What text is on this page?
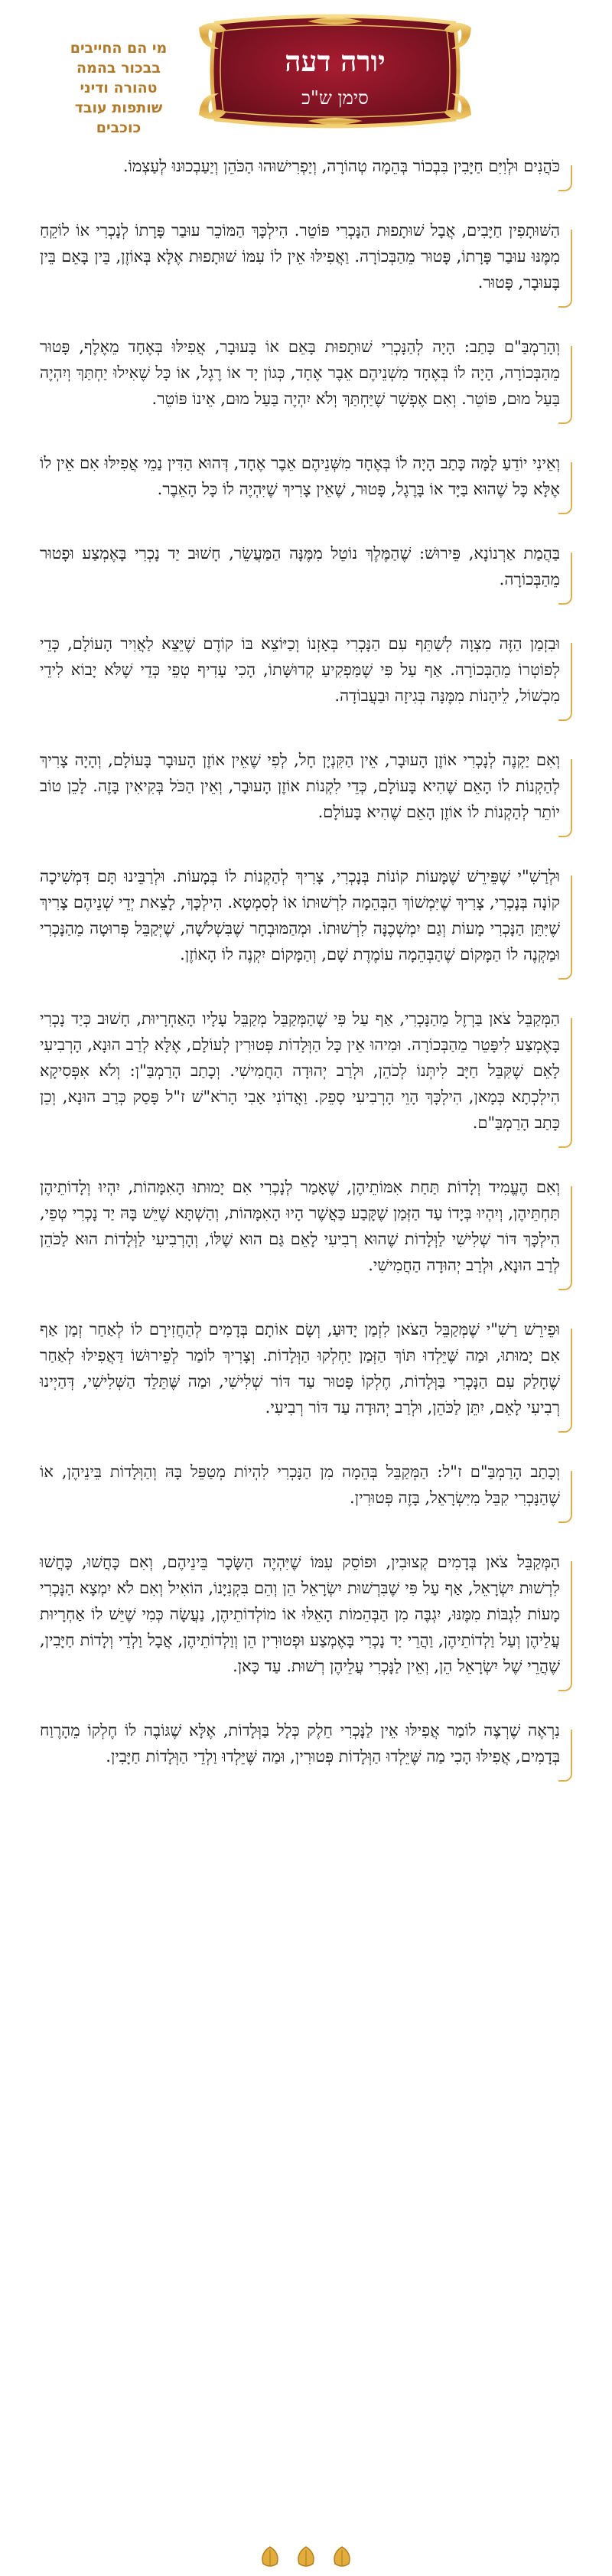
מי הם החייבים
בבכור בהמה
טהורה ודיני
שותפות עובד
כוכבים
יורה דעה
סימן ש"כ

כֹּהֲנִים וּלְוִיִּם חַיָּבִין בִּבְכוֹר בְּהֵמָה טְהוֹרָה, וְיַפְרִישׁוּהוּ הַכֹּהֵן וְיַעַבְכוּנוּ לְעַצְמוֹ.

הַשּׁוּתָפִין חַיָּבִים, אֲבָל שׁוּתָפוּת הַנָּכְרִי פּוֹטֵר. הִילְכָּךְ הַמּוֹכֵר עוּבַר פָּרָתוֹ לְנָכְרִי אוֹ לוֹקֵחַ מִמֶּנּוּ עוּבַר פָּרָתוֹ, פָּטוּר מֵהַבְּכוֹרָה. וַאֲפִילּוּ אֵין לוֹ עִמּוֹ שׁוּתָפוּת אֶלָּא בְּאוֹזֶן, בֵּין בָּאֵם בֵּין בָּעוּבָר, פָּטוּר.

וְהָרַמְבַּ"ם כָּתַב: הָיָה לְהַנָּכְרִי שׁוּתָפוּת בָּאֵם אוֹ בָּעוּבָר, אֲפִילּוּ בְּאֶחָד מֵאֶלֶף, פָּטוּר מֵהַבְּכוֹרָה, הָיָה לוֹ בְּאֶחָד מִשְׁנֵיהֶם אֵבֶר אֶחָד, כְּגוֹן יָד אוֹ רֶגֶל, אוֹ כָּל שֶׁאִילוּ יַחְתַּךְ וְיִהְיֶה בַּעַל מוּם, פּוֹטֵר. וְאִם אֶפְשָׁר שֶׁיַּחְתַּךְ וְלֹא יִהְיֶה בַּעַל מוּם, אֵינוֹ פּוֹטֵר.

וְאֵינִי יוֹדֵעַ לָמָּה כָּתַב הָיָה לוֹ בְּאֶחָד מִשְּׁנֵיהֶם אֵבֶר אֶחָד, דְּהוּא הַדִּין נַמֵי אֲפִילּוּ אִם אֵין לוֹ אֶלָּא כָּל שֶׁהוּא בַּיָּד אוֹ בָּרֶגֶל, פָּטוּר, שֶׁאֵין צָרִיךְ שֶׁיִּהְיֶה לוֹ כָּל הָאֵבֶר.

בַּהֲמַת אַרְנוֹנָא, פֵּירוּשׁ: שֶׁהַמֶּלֶךְ נוֹטֵל מִמֶּנָּה הַמַּעֲשֵׂר, חָשׁוּב יַד נָכְרִי בָּאֶמְצַע וּפָטוּר מֵהַבְּכוֹרָה.

וּבִזְמַן הַזֶּה מִצְוָה לְשַׁתֵּף עִם הַנָּכְרִי בְּאָזְנוֹ וְכַיּוֹצֵא בּוֹ קוֹדֶם שֶׁיֵּצֵא לַאֲוִיר הָעוֹלָם, כְּדֵי לְפוֹטְרוֹ מֵהַבְּכוֹרָה. אַף עַל פִּי שֶׁמַּפְקִיעַ קְדוּשָּׁתוֹ, הָכִי עָדִיף טְפֵי כְּדֵי שֶׁלֹּא יָבוֹא לִידֵי מִכְשׁוֹל, לֵיהָנוֹת מִמֶּנָּה בְּגִיזָה וּבַעֲבוֹדָה.

וְאִם יַקְנֶה לְנָכְרִי אוֹזֶן הָעוּבָר, אֵין הַקִּנְיָן חָל, לְפִי שֶׁאֵין אוֹזֶן הָעוּבָר בָּעוֹלָם, וְהָיָה צָרִיךְ לְהַקְנוֹת לוֹ הָאֵם שֶׁהִיא בָּעוֹלָם, כְּדֵי לִקְנוֹת אוֹזֶן הָעוּבָר, וְאֵין הַכֹּל בְּקִיאִין בָּזֶה. לָכֵן טוֹב יוֹתֵר לְהַקְנוֹת לוֹ אוֹזֶן הָאֵם שֶׁהִיא בָּעוֹלָם.

וּלְרַשִׁ"י שֶׁפֵּירֵשׁ שֶׁמָּעוֹת קוֹנוֹת בְּנָכְרִי, צָרִיךְ לְהַקְנוֹת לוֹ בְּמָעוֹת. וּלְרַבֵּינוּ תָּם דִּמְשִׁיכָה קוֹנָה בְּנָכְרִי, צָרִיךְ שֶׁיִּמְשׁוֹךְ הַבְּהֵמָה לִרְשׁוּתוֹ אוֹ לְסִמְטָא. הִילְכָּךְ, לָצֵאת יְדֵי שְׁנֵיהֶם צָרִיךְ שֶׁיִּתֵּן הַנָּכְרִי מָעוֹת וְגַם יִמְשְׁכֶנָּה לִרְשׁוּתוֹ. וּמְהַמּוּבְחָר שֶׁבִּשְׁלֹשָׁה, שֶׁיְּקַבֵּל פְּרוּטָה מֵהַנָּכְרִי וּמַקְנֶה לוֹ הַמָּקוֹם שֶׁהַבְּהֵמָה עוֹמֶדֶת שָׁם, וְהַמָּקוֹם יִקְנֶה לוֹ הָאוֹזֶן.

הַמְּקַבֵּל צֹאן בַּרְזֶל מֵהַנָּכְרִי, אַף עַל פִּי שֶׁהַמְּקַבֵּל מְקַבֵּל עָלָיו הָאַחְרָיוּת, חָשׁוּב כְּיַד נָכְרִי בָּאֶמְצַע לִיפָּטֵר מֵהַבְּכוֹרָה. וּמִיהוּ אֵין כָּל הַוְּלָדוֹת פְּטוּרִין לְעוֹלָם, אֶלָּא לְרַב הוּנָא, הָרְבִיעִי לָאֵם שֶׁקִּבֵּל חַיָּב לִיתְּנוֹ לְכֹהֵן, וּלְרַב יְהוּדָה הַחֲמִישִׁי. וְכָתַב הָרַמְבַּ"ן: וְלֹא אִפְּסִיקָא הִילְכְתָא כְּמָאן, הִילְכָּךְ הָוֵי הָרְבִיעִי סָפֵק. וַאֲדוֹנִי אָבִי הָרֹא"שׁ ז"ל פָּסַק כְּרַב הוּנָא, וְכֵן כָּתַב הָרַמְבַּ"ם.

וְאִם הֶעֱמִיד וְלָדוֹת תַּחַת אִמּוֹתֵיהֶן, שֶׁאָמַר לְנָכְרִי אִם יָמוּתוּ הָאִמָּהוֹת, יִהְיוּ וְלָדוֹתֵיהֶן תַּחְתֵּיהֶן, וְיִהְיוּ בְּיָדוֹ עַד הַזְּמַן שֶׁקָּבַע כַּאֲשֶׁר הָיוּ הָאִמָּהוֹת, וְהַשְׁתָּא שֶׁיֵּשׁ בָּהּ יַד נָכְרִי טְפֵי, הִילְכָּךְ דּוֹר שְׁלִישִׁי לַוְּלָדוֹת שֶׁהוּא רְבִיעִי לָאֵם גַּם הוּא שֶׁלּוֹ, וְהָרְבִיעִי לַוְּלָדוֹת הוּא לַכֹּהֵן לְרַב הוּנָא, וּלְרַב יְהוּדָה הַחֲמִישִׁי.

וּפֵירֵשׁ רַשִׁ"י שֶׁמְּקַבֵּל הַצֹּאן לִזְמַן יָדוּעַ, וְשָׂם אוֹתָם בְּדָמִים לְהַחֲזִירָם לוֹ לְאַחַר זְמַן אַף אִם יָמוּתוּ, וּמַה שֶּׁיֵּלְדוּ תּוֹךְ הַזְּמַן יַחְלְקוּ הַוְּלָדוֹת. וְצָרִיךְ לוֹמַר לְפֵירוּשׁוֹ דַּאֲפִילּוּ לְאַחַר שֶׁחָלַק עִם הַנָּכְרִי בַּוְּלָדוֹת, חֶלְקוֹ פָּטוּר עַד דּוֹר שְׁלִישִׁי, וּמַה שֶּׁתֵּלֵד הַשְּׁלִישִׁי, דְּהַיְינוּ רְבִיעִי לָאֵם, יִתֵּן לַכֹּהֵן, וּלְרַב יְהוּדָה עַד דּוֹר רְבִיעִי.

וְכָתַב הָרַמְבַּ"ם ז"ל: הַמְּקַבֵּל בְּהֵמָה מִן הַנָּכְרִי לִהְיוֹת מְטַפֵּל בָּהּ וְהַוְּלָדוֹת בֵּינֵיהֶן, אוֹ שֶׁהַנָּכְרִי קִבֵּל מִיִּשְׂרָאֵל, בָּזֶה פְּטוּרִין.

הַמְּקַבֵּל צֹאן בְּדָמִים קְצוּבִין, וּפוֹסֵק עִמּוֹ שֶׁיִּהְיֶה הַשָּׂכָר בֵּינֵיהֶם, וְאִם כָּחֲשׁוּ, כָּחֲשׁוּ לִרְשׁוּת יִשְׂרָאֵל, אַף עַל פִּי שֶׁבִּרְשׁוּת יִשְׂרָאֵל הֵן וְהֵם בִּקְנִיָּנוֹ, הוֹאִיל וְאִם לֹא יִמְצָא הַנָּכְרִי מָעוֹת לִגְבּוֹת מִמֶּנּוּ, יִגְבֶּה מִן הַבְּהֵמוֹת הָאֵלּוּ אוֹ מוֹלְדוֹתֵיהֶן, נַעֲשָׂה כְּמִי שֶׁיֵּשׁ לוֹ אַחְרָיוּת עֲלֵיהֶן וְעַל וַלְדוֹתֵיהֶן, וַהֲרֵי יַד נָכְרִי בָּאֶמְצַע וּפְטוּרִין הֵן וְוַלְדוֹתֵיהֶן, אֲבָל וַלְדֵי וְלָדוֹת חַיָּבִין, שֶׁהֲרֵי שֶׁל יִשְׂרָאֵל הֵן, וְאֵין לַנָּכְרִי עֲלֵיהֶן רְשׁוּת. עַד כָּאן.

נִרְאֶה שֶׁרְצֶה לוֹמַר אֲפִילּוּ אֵין לַנָּכְרִי חֵלֶק כְּלָל בַּוְּלָדוֹת, אֶלָּא שֶׁגּוֹבֶה לוֹ חֶלְקוֹ מֵהָרֶוַח בְּדָמִים, אֲפִילּוּ הָכִי מַה שֶּׁיֵּלְדוּ הַוְּלָדוֹת פְּטוּרִין, וּמַה שֶּׁיֵּלְדוּ וַלְדֵי הַוְּלָדוֹת חַיָּבִין.
